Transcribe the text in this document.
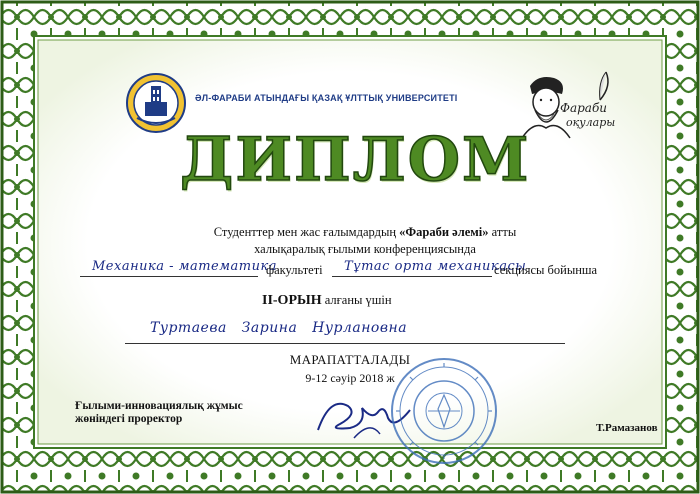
ӘЛ-ФАРАБИ АТЫНДАҒЫ ҚАЗАҚ ҰЛТТЫҚ УНИВЕРСИТЕТІ
Фараби
оқулары
ДИПЛОМ
Студенттер мен жас ғалымдардың «Фараби әлемі» атты
халықаралық ғылыми конференциясында
Механика - математика
факультеті Тұтас орта механикасы
секциясы бойынша
II-ОРЫН алғаны үшін
Туртаева   Зарина   Нурлановна
МАРАПАТТАЛАДЫ
9-12 сәуір 2018 ж
Ғылыми-инновациялық жұмыс
жөніндегі проректор
Т.Рамазанов
